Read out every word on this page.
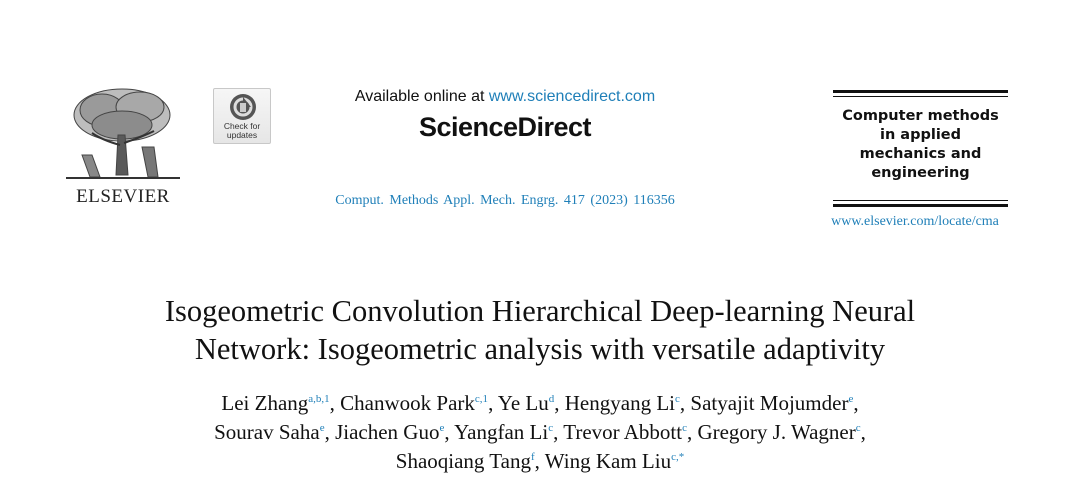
ELSEVIER
Check for
updates
Available online at www.sciencedirect.com
ScienceDirect
Comput. Methods Appl. Mech. Engrg. 417 (2023) 116356
Computer methods
in applied
mechanics and
engineering
www.elsevier.com/locate/cma
Isogeometric Convolution Hierarchical Deep-learning Neural
Network: Isogeometric analysis with versatile adaptivity
Lei Zhang$^{a,b,1}$, Chanwook Park$^{c,1}$, Ye Lu$^d$, Hengyang Li$^c$, Satyajit Mojumder$^e$,
Sourav Saha$^e$, Jiachen Guo$^e$, Yangfan Li$^c$, Trevor Abbott$^c$, Gregory J. Wagner$^c$,
Shaoqiang Tang$^f$, Wing Kam Liu$^{c,*}$
